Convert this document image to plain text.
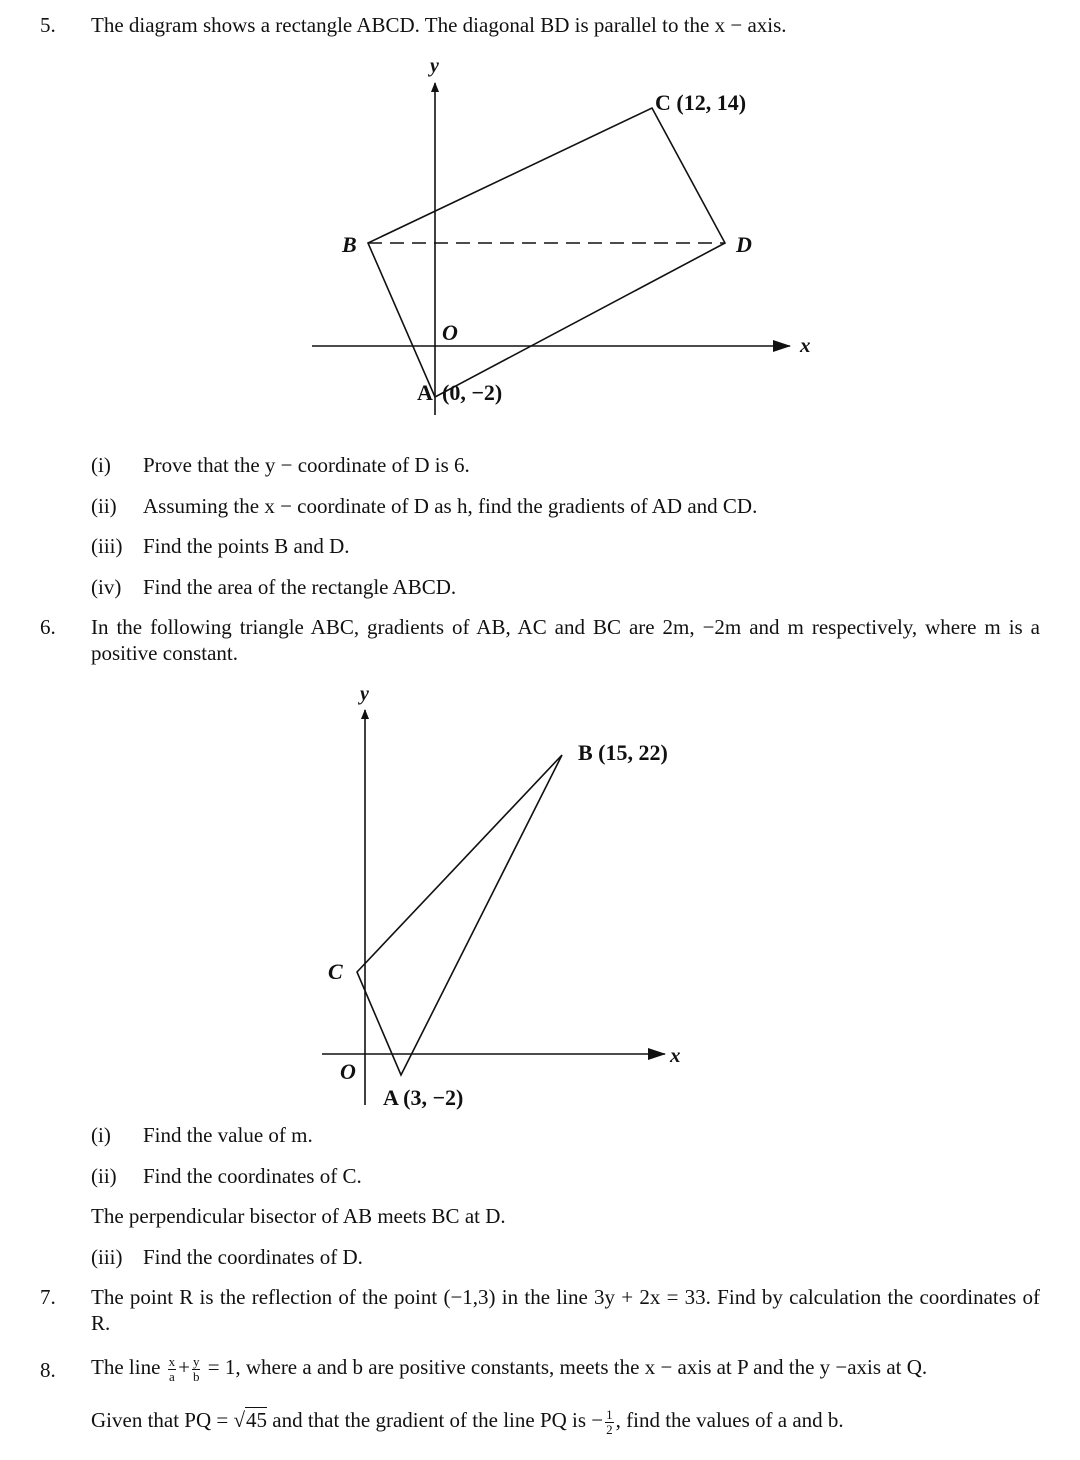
5. The diagram shows a rectangle ABCD. The diagonal BD is parallel to the x − axis.
y
x
O
B	D
C (12, 14)
A (0, −2)
(i) Prove that the y − coordinate of D is 6.
(ii) Assuming the x − coordinate of D as h, find the gradients of AD and CD.
(iii) Find the points B and D.
(iv) Find the area of the rectangle ABCD.
6. In the following triangle ABC, gradients of AB, AC and BC are 2m, −2m and m respectively, where m is a positive constant.
y
x
O
B (15, 22)
C
A (3, −2)
(i) Find the value of m.
(ii) Find the coordinates of C.
The perpendicular bisector of AB meets BC at D.
(iii) Find the coordinates of D.
7. The point R is the reflection of the point (−1,3) in the line 3y + 2x = 33. Find by calculation the coordinates of R.
8. The line $\frac{x}{a} + \frac{y}{b} = 1$, where a and b are positive constants, meets the x − axis at P and the y −axis at Q.
Given that PQ = √45 and that the gradient of the line PQ is − $\frac{1}{2}$ , find the values of a and b.
